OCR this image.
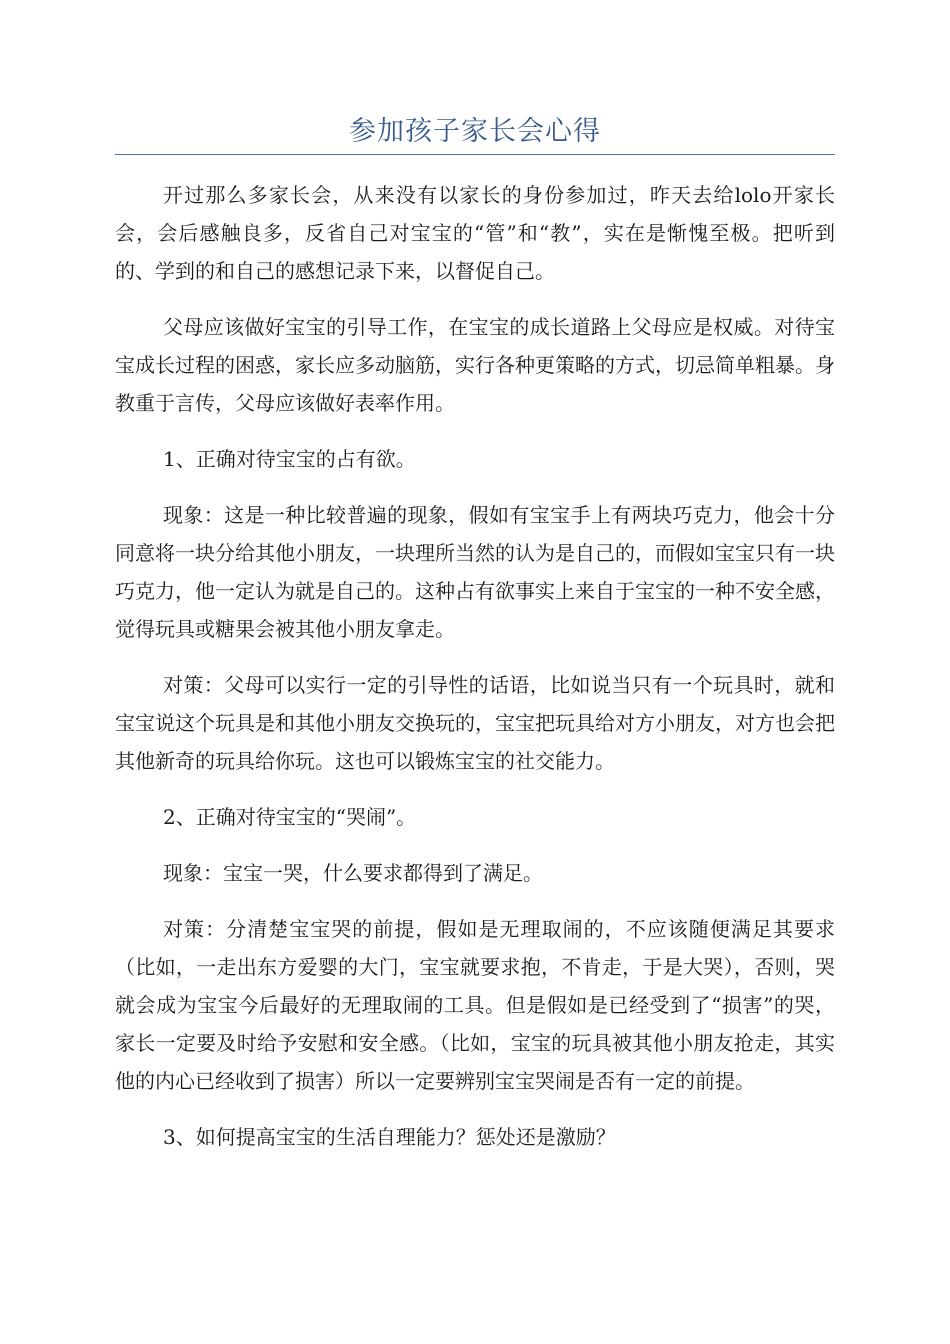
参加孩子家长会心得

开过那么多家长会，从来没有以家长的身份参加过，昨天去给lolo开家长会，会后感触良多，反省自己对宝宝的“管”和“教”，实在是惭愧至极。把听到的、学到的和自己的感想记录下来，以督促自己。

父母应该做好宝宝的引导工作，在宝宝的成长道路上父母应是权威。对待宝宝成长过程的困惑，家长应多动脑筋，实行各种更策略的方式，切忌简单粗暴。身教重于言传，父母应该做好表率作用。

1、正确对待宝宝的占有欲。

现象：这是一种比较普遍的现象，假如有宝宝手上有两块巧克力，他会十分同意将一块分给其他小朋友，一块理所当然的认为是自己的，而假如宝宝只有一块巧克力，他一定认为就是自己的。这种占有欲事实上来自于宝宝的一种不安全感，觉得玩具或糖果会被其他小朋友拿走。

对策：父母可以实行一定的引导性的话语，比如说当只有一个玩具时，就和宝宝说这个玩具是和其他小朋友交换玩的，宝宝把玩具给对方小朋友，对方也会把其他新奇的玩具给你玩。这也可以锻炼宝宝的社交能力。

2、正确对待宝宝的“哭闹”。

现象：宝宝一哭，什么要求都得到了满足。

对策：分清楚宝宝哭的前提，假如是无理取闹的，不应该随便满足其要求（比如，一走出东方爱婴的大门，宝宝就要求抱，不肯走，于是大哭），否则，哭就会成为宝宝今后最好的无理取闹的工具。但是假如是已经受到了“损害”的哭，家长一定要及时给予安慰和安全感。（比如，宝宝的玩具被其他小朋友抢走，其实他的内心已经收到了损害）所以一定要辨别宝宝哭闹是否有一定的前提。

3、如何提高宝宝的生活自理能力？惩处还是激励？
